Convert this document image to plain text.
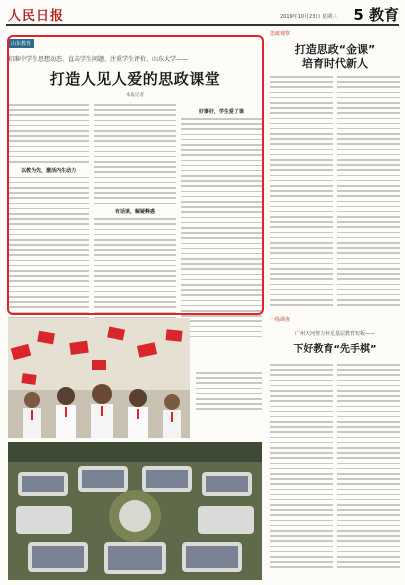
人民日报	2019年10月23日 星期三 5 教育
山东教育
扣准中学生思想动态、直击学生问题、注重学生评价，山东大学——
打造人见人爱的思政课堂
本报记者
以教为先，激活内生动力
有话谈，解疑释惑
好事好，学生爱了课
思政观察
打造思政“金课”
培育时代新人
一线调查
广州天河努力补足基层教育短板——
下好教育“先手棋”
